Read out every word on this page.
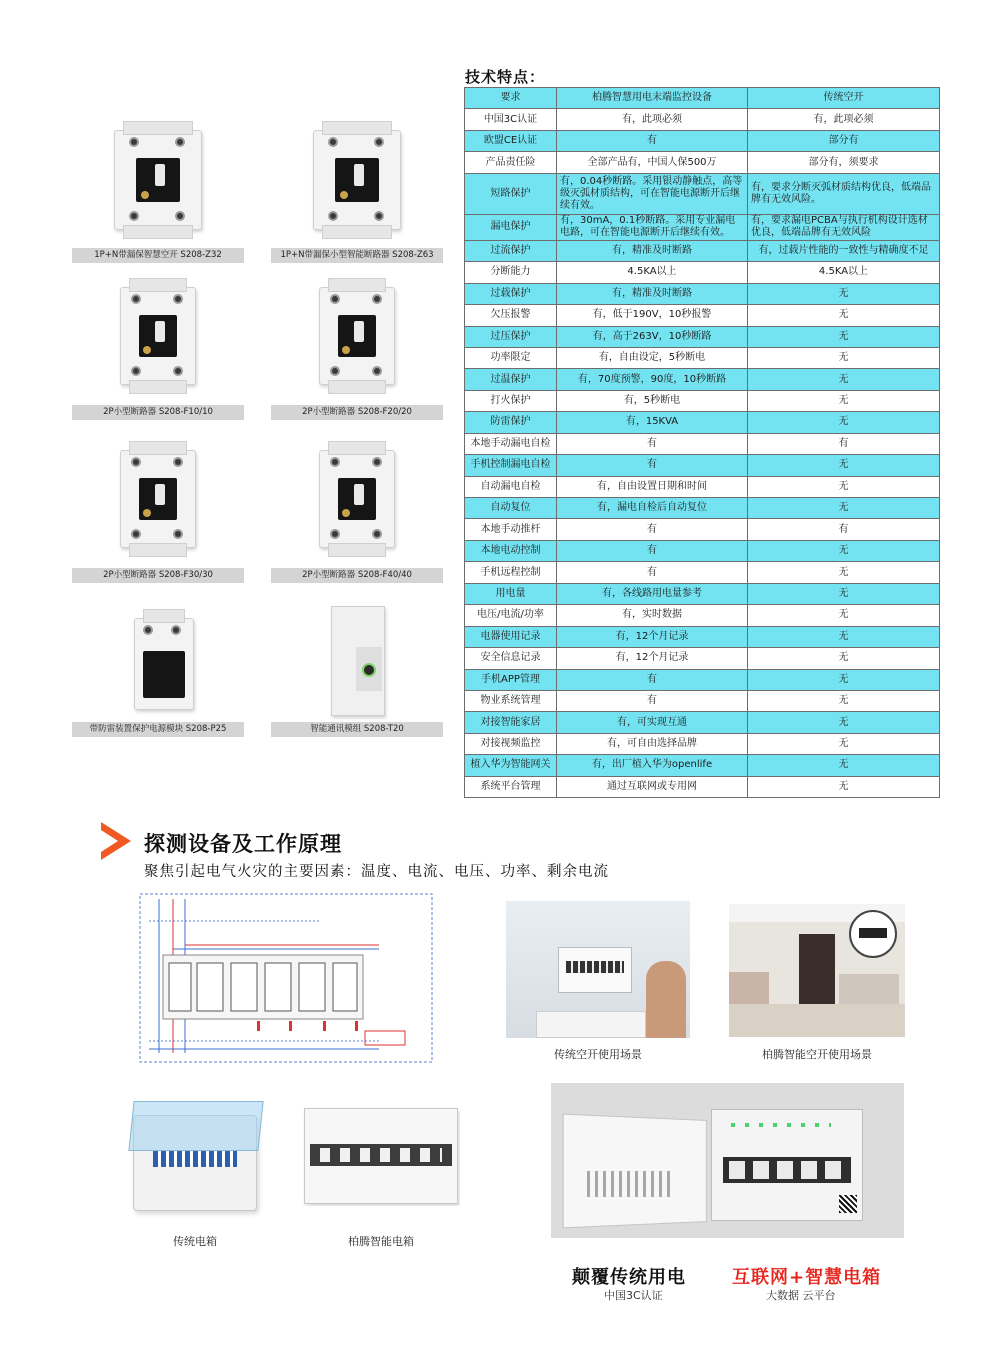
1P+N带漏保智慧空开 S208-Z32	1P+N带漏保小型智能断路器 S208-Z63
2P小型断路器 S208-F10/10	2P小型断路器 S208-F20/20
2P小型断路器 S208-F30/30	2P小型断路器 S208-F40/40
带防雷装置保护电源模块 S208-P25	智能通讯模组 S208-T20
技术特点：
要求	柏腾智慧用电末端监控设备	传统空开
中国3C认证	有，此项必须	有，此项必须
欧盟CE认证	有	部分有
产品责任险	全部产品有，中国人保500万	部分有，须要求
短路保护	有，0.04秒断路。采用银动静触点，高等级灭弧材质结构，可在智能电源断开后继续有效。	有，要求分断灭弧材质结构优良，低端品牌有无效风险。
漏电保护	有，30mA，0.1秒断路。采用专业漏电电路，可在智能电源断开后继续有效。	有，要求漏电PCBA与执行机构设计选材优良，低端品牌有无效风险
过流保护	有，精准及时断路	有，过载片性能的一致性与精确度不足
分断能力	4.5KA以上	4.5KA以上
过载保护	有，精准及时断路	无
欠压报警	有，低于190V，10秒报警	无
过压保护	有，高于263V，10秒断路	无
功率限定	有，自由设定，5秒断电	无
过温保护	有，70度预警，90度，10秒断路	无
打火保护	有，5秒断电	无
防雷保护	有，15KVA	无
本地手动漏电自检	有	有
手机控制漏电自检	有	无
自动漏电自检	有，自由设置日期和时间	无
自动复位	有，漏电自检后自动复位	无
本地手动推杆	有	有
本地电动控制	有	无
手机远程控制	有	无
用电量	有，各线路用电量参考	无
电压/电流/功率	有，实时数据	无
电器使用记录	有，12个月记录	无
安全信息记录	有，12个月记录	无
手机APP管理	有	无
物业系统管理	有	无
对接智能家居	有，可实现互通	无
对接视频监控	有，可自由选择品牌	无
植入华为智能网关	有，出厂植入华为openlife	无
系统平台管理	通过互联网或专用网	无
探测设备及工作原理
聚焦引起电气火灾的主要因素：温度、电流、电压、功率、剩余电流
传统空开使用场景	柏腾智能空开使用场景
传统电箱	柏腾智能电箱
颠覆传统用电
中国3C认证
互联网+智慧电箱
大数据 云平台
